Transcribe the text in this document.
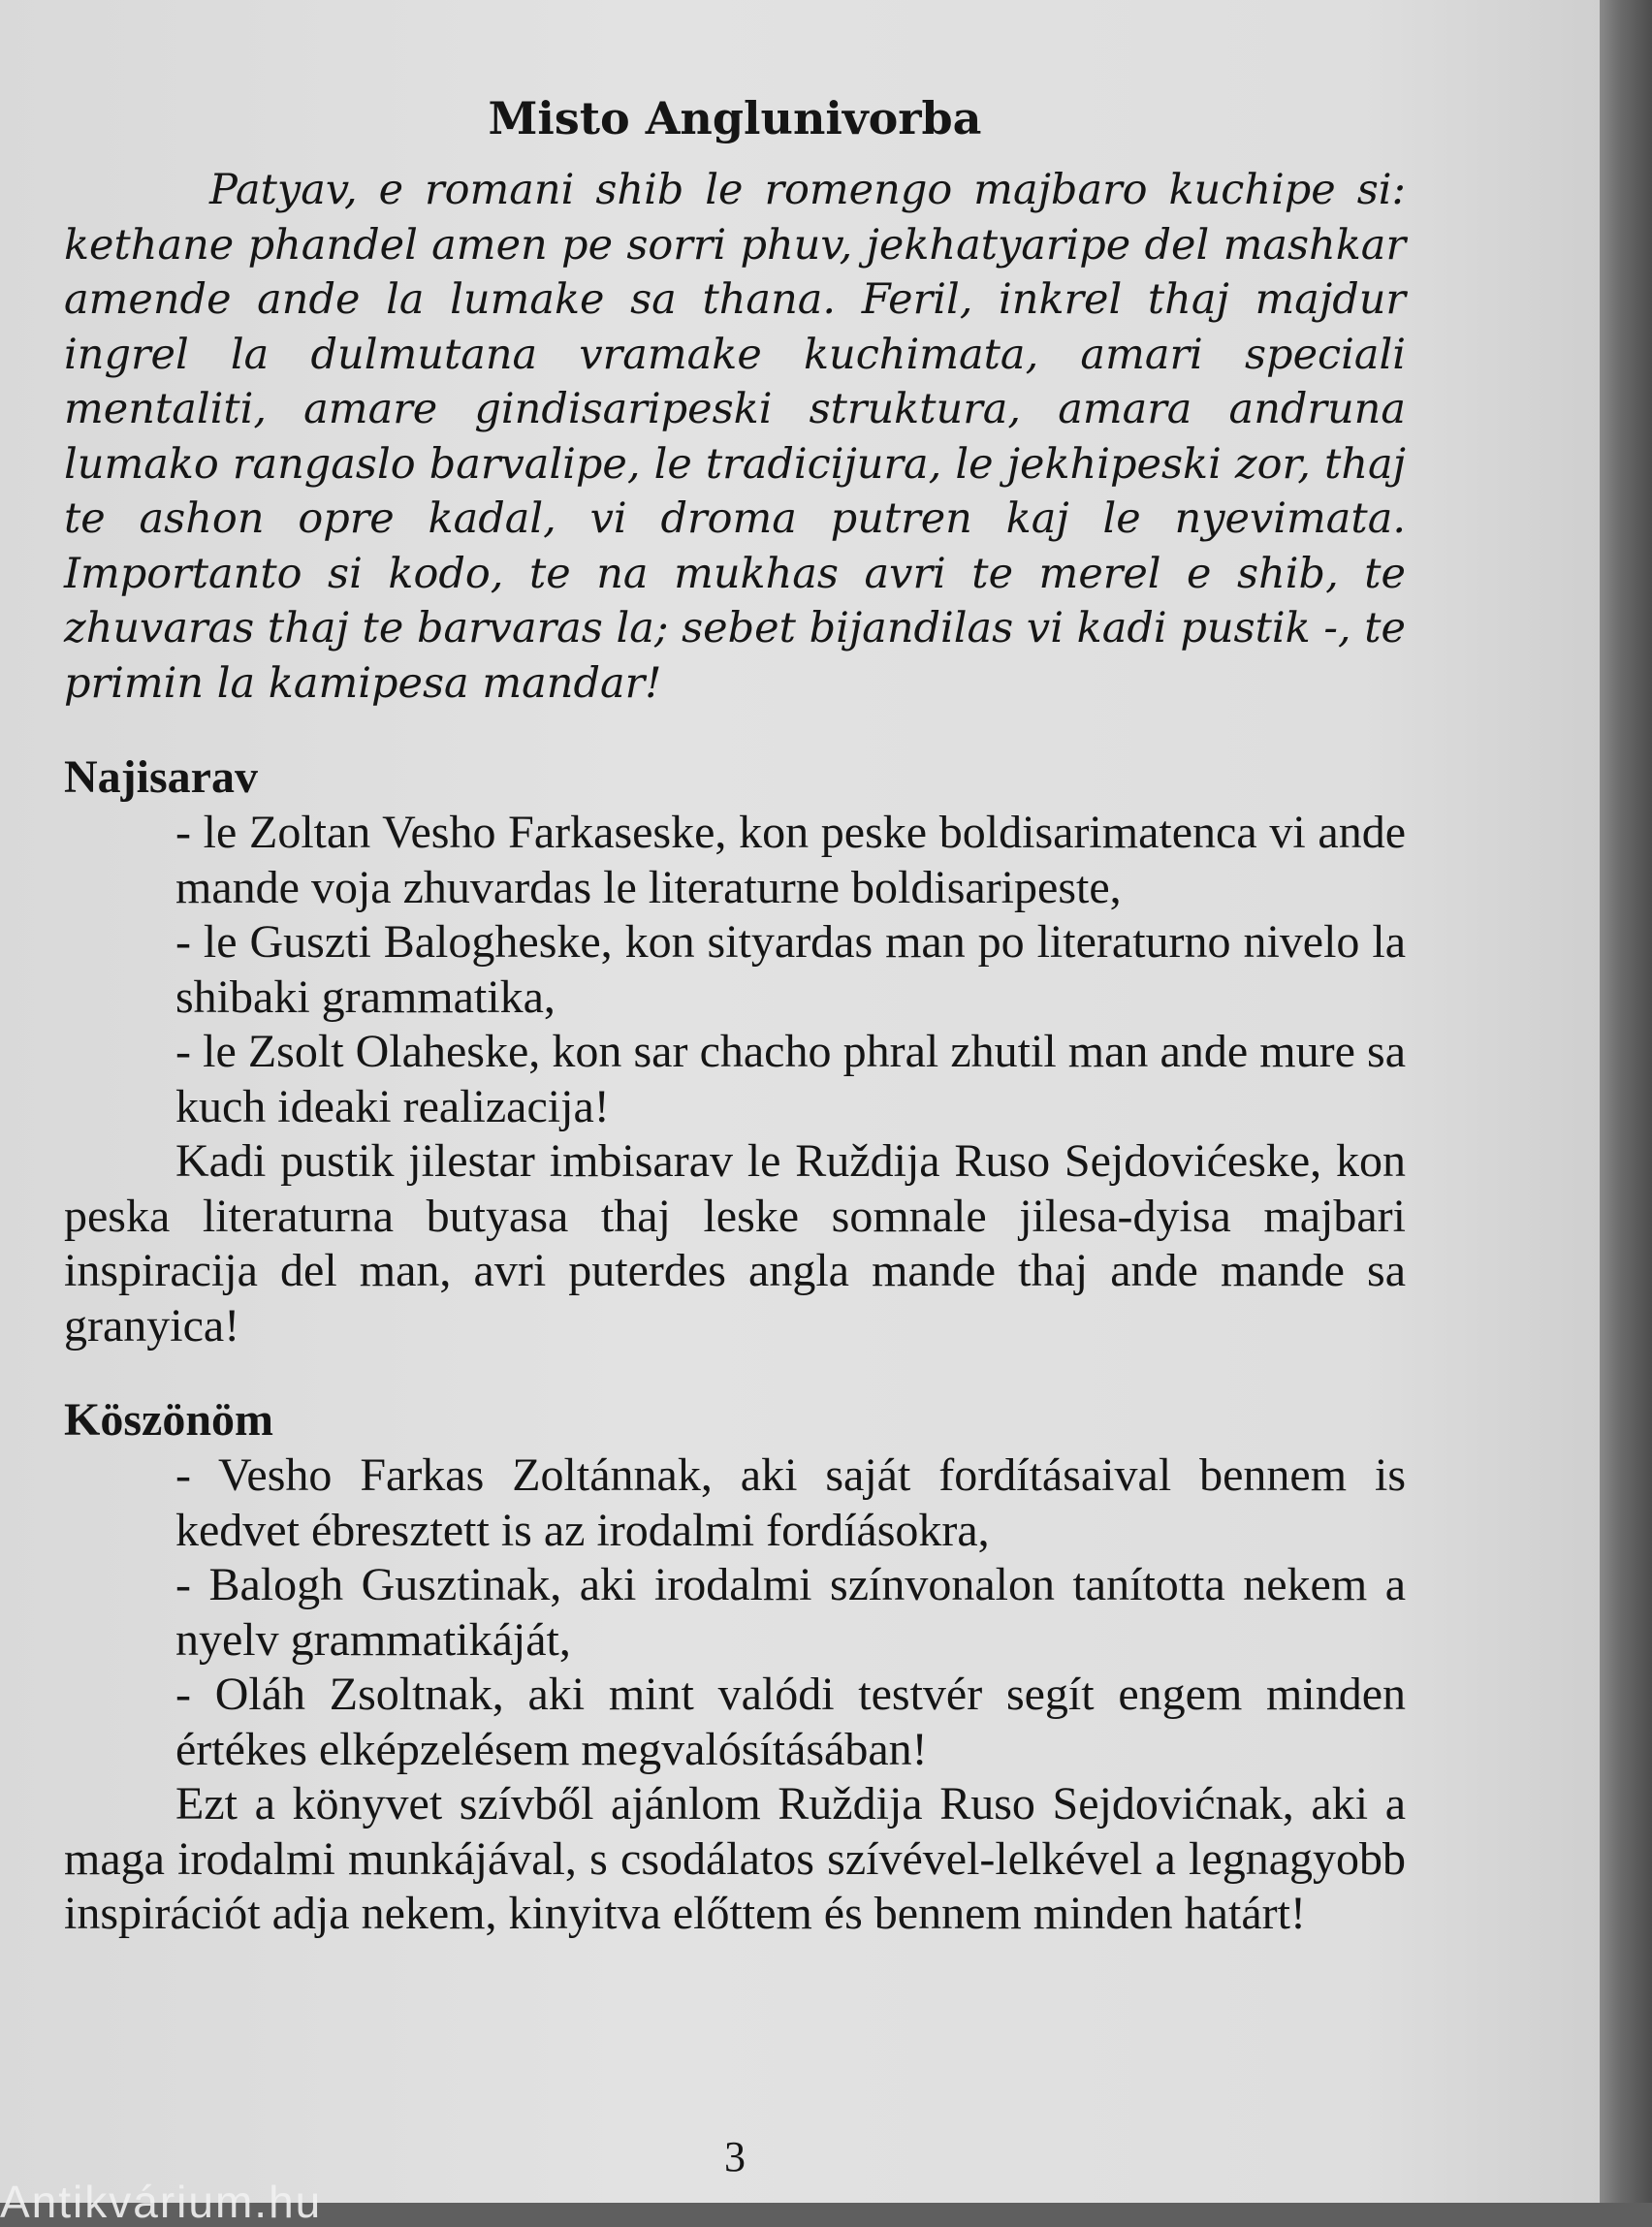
Misto Anglunivorba

Patyav, e romani shib le romengo majbaro kuchipe si: kethane phandel amen pe sorri phuv, jekhatyaripe del mashkar amende ande la lumake sa thana. Feril, inkrel thaj majdur ingrel la dulmutana vramake kuchimata, amari speciali mentaliti, amare gindisaripeski struktura, amara andruna lumako rangaslo barvalipe, le tradicijura, le jekhipeski zor, thaj te ashon opre kadal, vi droma putren kaj le nyevimata. Importanto si kodo, te na mukhas avri te merel e shib, te zhuvaras thaj te barvaras la; sebet bijandilas vi kadi pustik -, te primin la kamipesa mandar!

Najisarav

- le Zoltan Vesho Farkaseske, kon peske boldisarimatenca vi ande mande voja zhuvardas le literaturne boldisaripeste,

- le Guszti Balogheske, kon sityardas man po literaturno nivelo la shibaki grammatika,

- le Zsolt Olaheske, kon sar chacho phral zhutil man ande mure sa kuch ideaki realizacija!

Kadi pustik jilestar imbisarav le Ruždija Ruso Sejdovićeske, kon peska literaturna butyasa thaj leske somnale jilesa-dyisa majbari inspiracija del man, avri puterdes angla mande thaj ande mande sa granyica!

Köszönöm

- Vesho Farkas Zoltánnak, aki saját fordításaival bennem is kedvet ébresztett is az irodalmi fordíásokra,

- Balogh Gusztinak, aki irodalmi színvonalon tanította nekem a nyelv grammatikáját,

- Oláh Zsoltnak, aki mint valódi testvér segít engem minden értékes elképzelésem megvalósításában!

Ezt a könyvet szívből ajánlom Ruždija Ruso Sejdovićnak, aki a maga irodalmi munkájával, s csodálatos szívével-lelkével a legnagyobb inspirációt adja nekem, kinyitva előttem és bennem minden határt!

3
Antikvárium.hu
